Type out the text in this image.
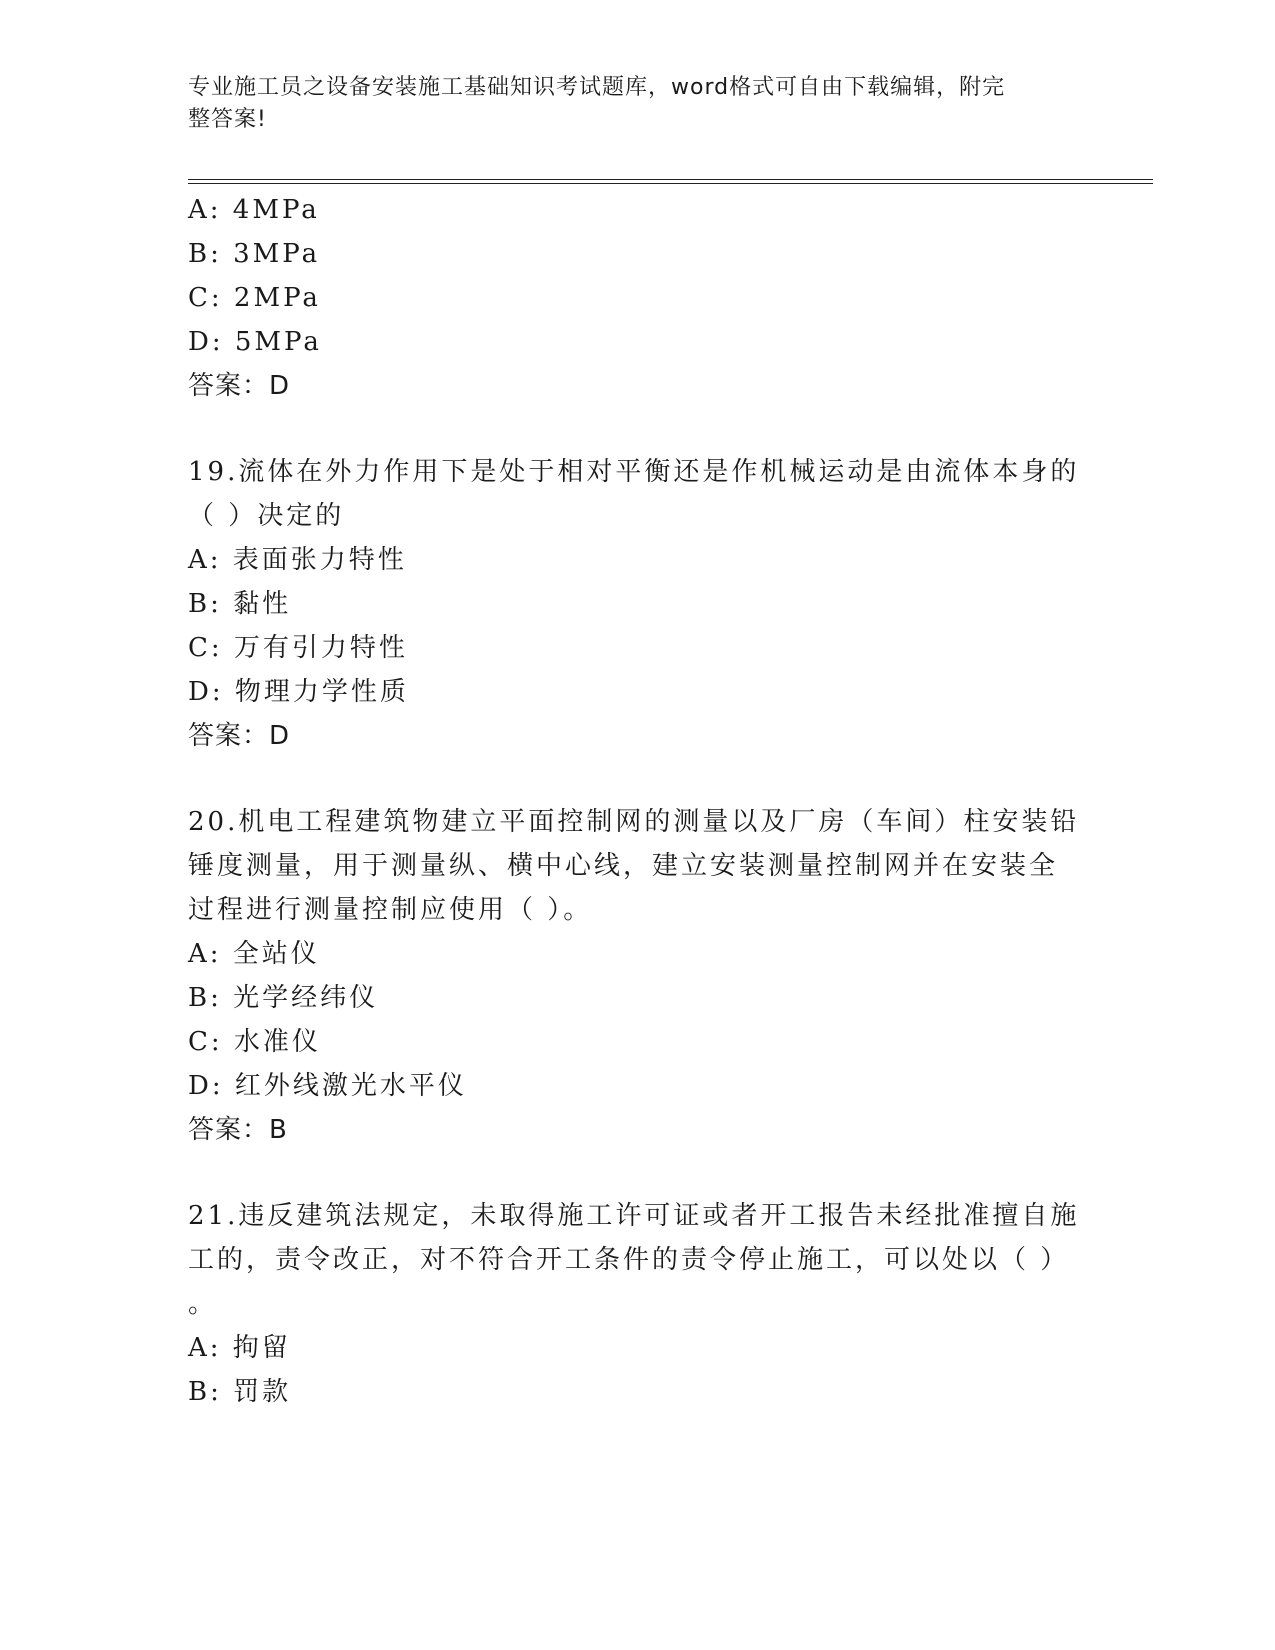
专业施工员之设备安装施工基础知识考试题库，word格式可自由下载编辑，附完
整答案!
A: 4MPa
B: 3MPa
C: 2MPa
D: 5MPa
答案：D
19.流体在外力作用下是处于相对平衡还是作机械运动是由流体本身的
（ ）决定的
A: 表面张力特性
B: 黏性
C: 万有引力特性
D: 物理力学性质
答案：D
20.机电工程建筑物建立平面控制网的测量以及厂房（车间）柱安装铅
锤度测量，用于测量纵、横中心线，建立安装测量控制网并在安装全
过程进行测量控制应使用（ ）。
A: 全站仪
B: 光学经纬仪
C: 水准仪
D: 红外线激光水平仪
答案：B
21.违反建筑法规定，未取得施工许可证或者开工报告未经批准擅自施
工的，责令改正，对不符合开工条件的责令停止施工，可以处以（ ）
。
A: 拘留
B: 罚款
